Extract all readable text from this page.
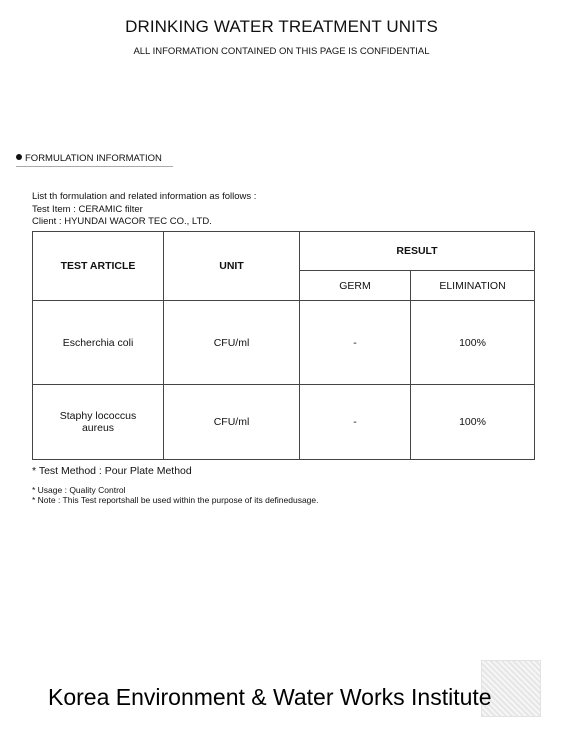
DRINKING WATER TREATMENT UNITS
ALL INFORMATION CONTAINED ON THIS PAGE IS CONFIDENTIAL
FORMULATION INFORMATION
List th formulation and related information as follows :
Test Item : CERAMIC filter
Client : HYUNDAI WACOR TEC CO., LTD.
TEST ARTICLE	UNIT	RESULT	
		GERM	ELIMINATION
Escherchia coli	CFU/ml	-	100%
Staphy lococcus aureus	CFU/ml	-	100%
* Test Method : Pour Plate Method
* Usage : Quality Control
* Note : This Test reportshall be used within the purpose of its definedusage.
Korea Environment & Water Works Institute
